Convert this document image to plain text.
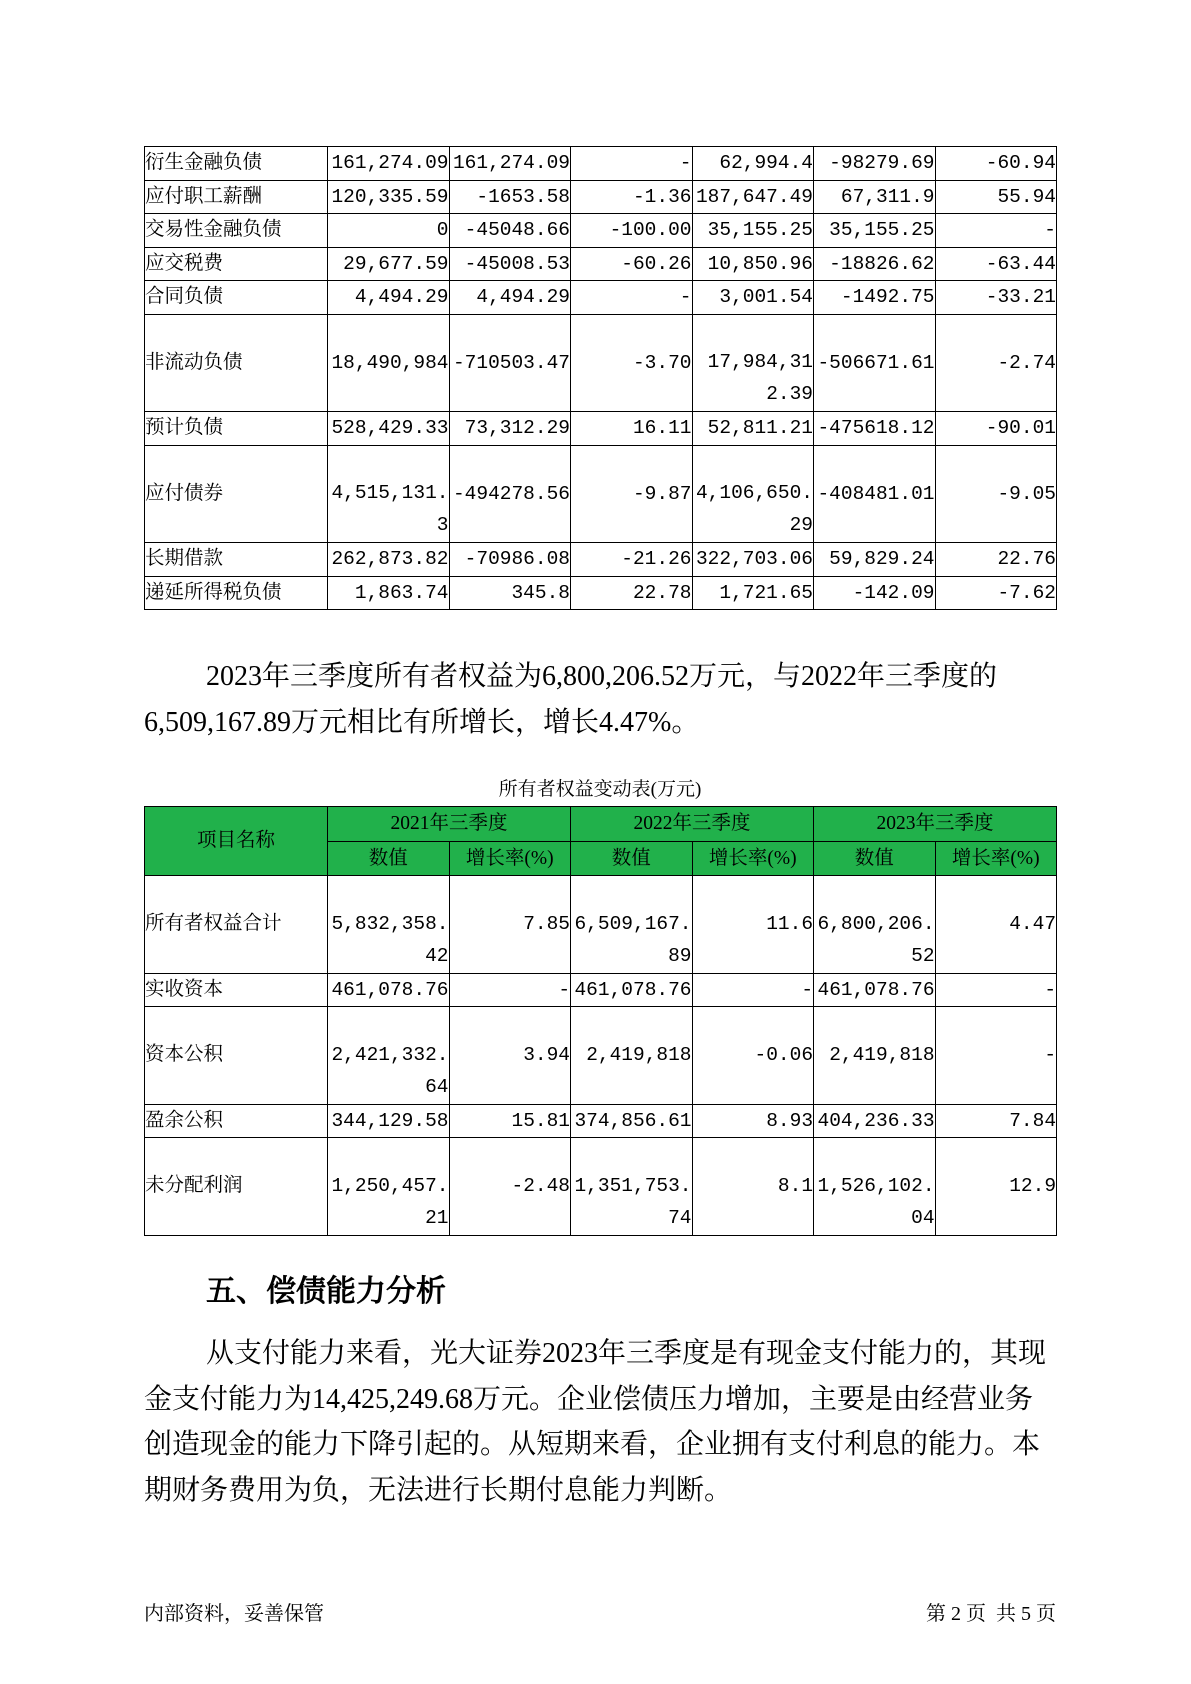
衍生金融负债	161,274.09	161,274.09	-	62,994.4	-98279.69	-60.94
应付职工薪酬	120,335.59	-1653.58	-1.36	187,647.49	67,311.9	55.94
交易性金融负债	0	-45048.66	-100.00	35,155.25	35,155.25	-
应交税费	29,677.59	-45008.53	-60.26	10,850.96	-18826.62	-63.44
合同负债	4,494.29	4,494.29	-	3,001.54	-1492.75	-33.21
非流动负债	18,490,984	-710503.47	-3.70	17,984,312.39	-506671.61	-2.74
预计负债	528,429.33	73,312.29	16.11	52,811.21	-475618.12	-90.01
应付债券	4,515,131.3	-494278.56	-9.87	4,106,650.29	-408481.01	-9.05
长期借款	262,873.82	-70986.08	-21.26	322,703.06	59,829.24	22.76
递延所得税负债	1,863.74	345.8	22.78	1,721.65	-142.09	-7.62

2023年三季度所有者权益为6,800,206.52万元，与2022年三季度的6,509,167.89万元相比有所增长，增长4.47%。

所有者权益变动表(万元)
项目名称	2021年三季度		2022年三季度		2023年三季度	
	数值	增长率(%)	数值	增长率(%)	数值	增长率(%)
所有者权益合计	5,832,358.42	7.85	6,509,167.89	11.6	6,800,206.52	4.47
实收资本	461,078.76	-	461,078.76	-	461,078.76	-
资本公积	2,421,332.64	3.94	2,419,818	-0.06	2,419,818	-
盈余公积	344,129.58	15.81	374,856.61	8.93	404,236.33	7.84
未分配利润	1,250,457.21	-2.48	1,351,753.74	8.1	1,526,102.04	12.9
五、偿债能力分析

从支付能力来看，光大证券2023年三季度是有现金支付能力的，其现金支付能力为14,425,249.68万元。企业偿债压力增加，主要是由经营业务创造现金的能力下降引起的。从短期来看，企业拥有支付利息的能力。本期财务费用为负，无法进行长期付息能力判断。

内部资料，妥善保管	第 2 页  共 5 页
